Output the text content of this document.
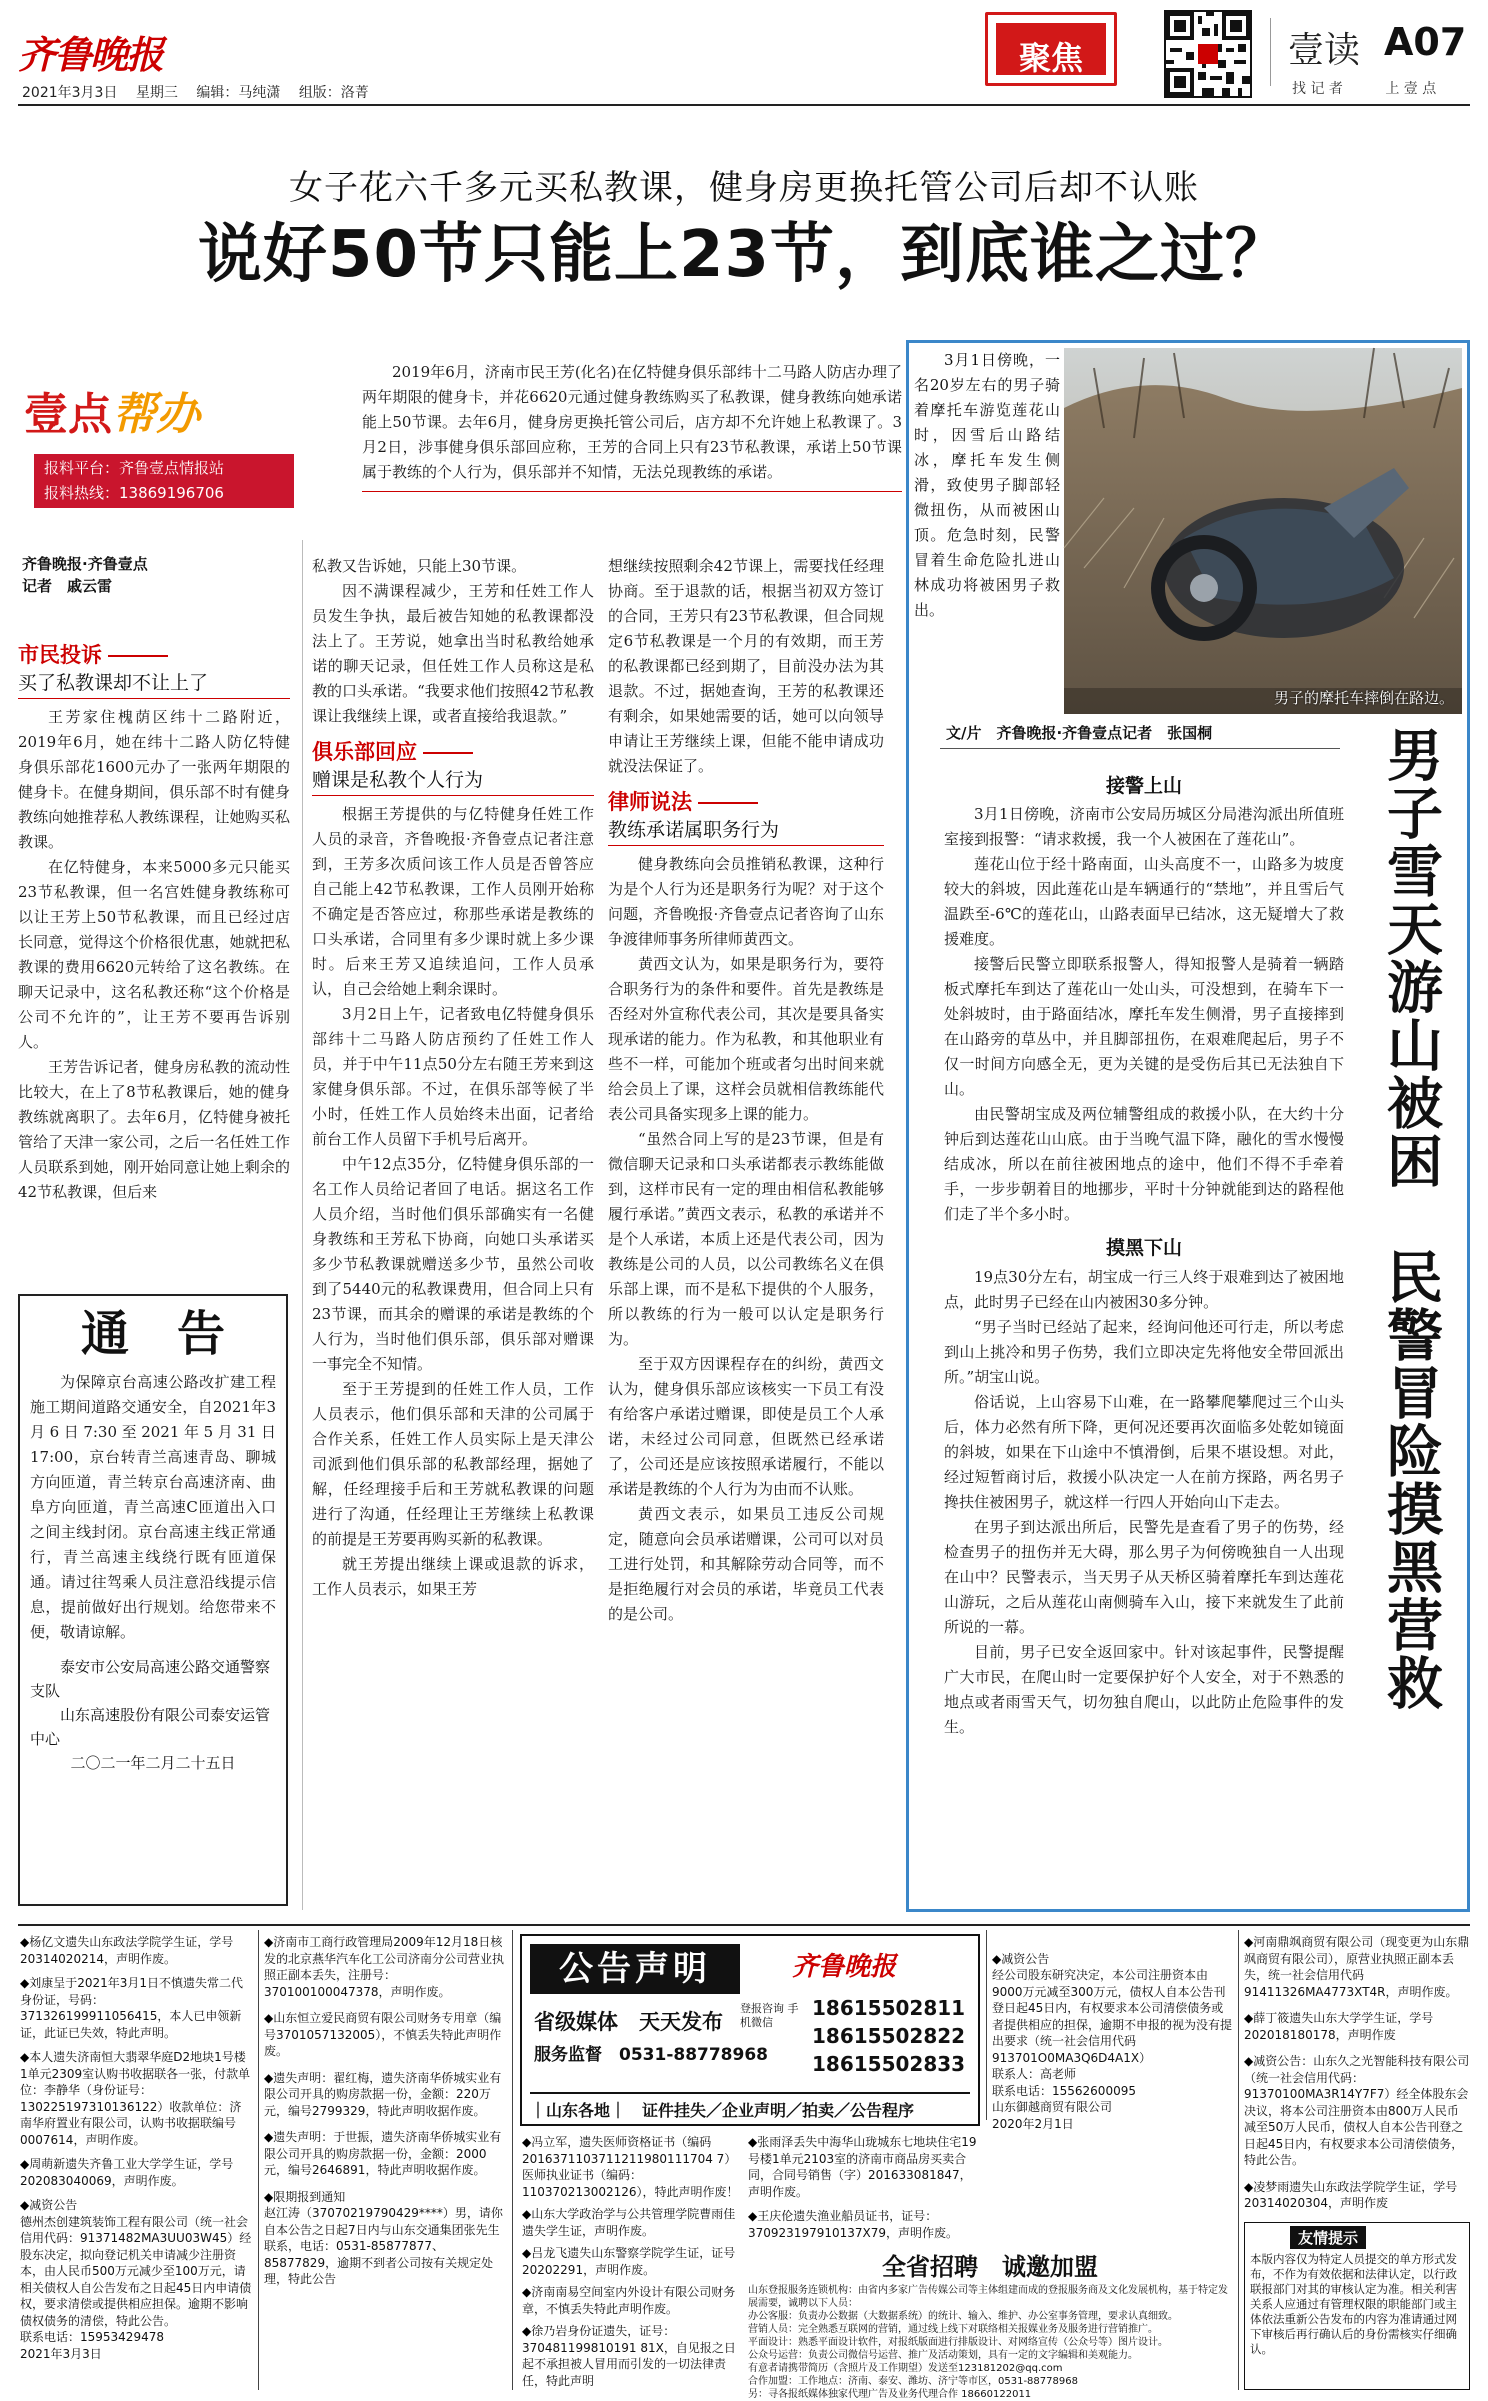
齐鲁晚报
2021年3月3日 星期三 编辑：马纯潇 组版：洛菁
聚焦	壹读 A07
找 记 者	上 壹 点
女子花六千多元买私教课，健身房更换托管公司后却不认账
说好50节只能上23节，到底谁之过？
壹点帮办
报料平台：齐鲁壹点情报站
报料热线：13869196706

2019年6月，济南市民王芳(化名)在亿特健身俱乐部纬十二马路人防店办理了两年期限的健身卡，并花6620元通过健身教练购买了私教课，健身教练向她承诺能上50节课。去年6月，健身房更换托管公司后，店方却不允许她上私教课了。3月2日，涉事健身俱乐部回应称，王芳的合同上只有23节私教课，承诺上50节课属于教练的个人行为，俱乐部并不知情，无法兑现教练的承诺。

齐鲁晚报·齐鲁壹点
记者　戚云雷
市民投诉
买了私教课却不让上了

王芳家住槐荫区纬十二路附近，2019年6月，她在纬十二路人防亿特健身俱乐部花1600元办了一张两年期限的健身卡。在健身期间，俱乐部不时有健身教练向她推荐私人教练课程，让她购买私教课。

在亿特健身，本来5000多元只能买23节私教课，但一名宫姓健身教练称可以让王芳上50节私教课，而且已经过店长同意，觉得这个价格很优惠，她就把私教课的费用6620元转给了这名教练。在聊天记录中，这名私教还称“这个价格是公司不允许的”，让王芳不要再告诉别人。

王芳告诉记者，健身房私教的流动性比较大，在上了8节私教课后，她的健身教练就离职了。去年6月，亿特健身被托管给了天津一家公司，之后一名任姓工作人员联系到她，刚开始同意让她上剩余的42节私教课，但后来

通　告

为保障京台高速公路改扩建工程施工期间道路交通安全，自2021年3月6日7:30至2021年5月31日17:00，京台转青兰高速青岛、聊城方向匝道，青兰转京台高速济南、曲阜方向匝道，青兰高速C匝道出入口之间主线封闭。京台高速主线正常通行，青兰高速主线绕行既有匝道保通。请过往驾乘人员注意沿线提示信息，提前做好出行规划。给您带来不便，敬请谅解。

泰安市公安局高速公路交通警察支队
山东高速股份有限公司泰安运管中心
二〇二一年二月二十五日

私教又告诉她，只能上30节课。

因不满课程减少，王芳和任姓工作人员发生争执，最后被告知她的私教课都没法上了。王芳说，她拿出当时私教给她承诺的聊天记录，但任姓工作人员称这是私教的口头承诺。“我要求他们按照42节私教课让我继续上课，或者直接给我退款。”

俱乐部回应
赠课是私教个人行为

根据王芳提供的与亿特健身任姓工作人员的录音，齐鲁晚报·齐鲁壹点记者注意到，王芳多次质问该工作人员是否曾答应自己能上42节私教课，工作人员刚开始称不确定是否答应过，称那些承诺是教练的口头承诺，合同里有多少课时就上多少课时。后来王芳又追续追问，工作人员承认，自己会给她上剩余课时。

3月2日上午，记者致电亿特健身俱乐部纬十二马路人防店预约了任姓工作人员，并于中午11点50分左右随王芳来到这家健身俱乐部。不过，在俱乐部等候了半小时，任姓工作人员始终未出面，记者给前台工作人员留下手机号后离开。

中午12点35分，亿特健身俱乐部的一名工作人员给记者回了电话。据这名工作人员介绍，当时他们俱乐部确实有一名健身教练和王芳私下协商，向她口头承诺买多少节私教课就赠送多少节，虽然公司收到了5440元的私教课费用，但合同上只有23节课，而其余的赠课的承诺是教练的个人行为，当时他们俱乐部，俱乐部对赠课一事完全不知情。

至于王芳提到的任姓工作人员，工作人员表示，他们俱乐部和天津的公司属于合作关系，任姓工作人员实际上是天津公司派到他们俱乐部的私教部经理，据她了解，任经理接手后和王芳就私教课的问题进行了沟通，任经理让王芳继续上私教课的前提是王芳要再购买新的私教课。

就王芳提出继续上课或退款的诉求，工作人员表示，如果王芳

想继续按照剩余42节课上，需要找任经理协商。至于退款的话，根据当初双方签订的合同，王芳只有23节私教课，但合同规定6节私教课是一个月的有效期，而王芳的私教课都已经到期了，目前没办法为其退款。不过，据她查询，王芳的私教课还有剩余，如果她需要的话，她可以向领导申请让王芳继续上课，但能不能申请成功就没法保证了。

律师说法
教练承诺属职务行为

健身教练向会员推销私教课，这种行为是个人行为还是职务行为呢？对于这个问题，齐鲁晚报·齐鲁壹点记者咨询了山东争渡律师事务所律师黄西文。

黄西文认为，如果是职务行为，要符合职务行为的条件和要件。首先是教练是否经对外宣称代表公司，其次是要具备实现承诺的能力。作为私教，和其他职业有些不一样，可能加个班或者匀出时间来就给会员上了课，这样会员就相信教练能代表公司具备实现多上课的能力。

“虽然合同上写的是23节课，但是有微信聊天记录和口头承诺都表示教练能做到，这样市民有一定的理由相信私教能够履行承诺。”黄西文表示，私教的承诺并不是个人承诺，本质上还是代表公司，因为教练是公司的人员，以公司教练名义在俱乐部上课，而不是私下提供的个人服务，所以教练的行为一般可以认定是职务行为。

至于双方因课程存在的纠纷，黄西文认为，健身俱乐部应该核实一下员工有没有给客户承诺过赠课，即使是员工个人承诺，未经过公司同意，但既然已经承诺了，公司还是应该按照承诺履行，不能以承诺是教练的个人行为为由而不认账。

黄西文表示，如果员工违反公司规定，随意向会员承诺赠课，公司可以对员工进行处罚，和其解除劳动合同等，而不是拒绝履行对会员的承诺，毕竟员工代表的是公司。

3月1日傍晚，一名20岁左右的男子骑着摩托车游览莲花山时，因雪后山路结冰，摩托车发生侧滑，致使男子脚部轻微扭伤，从而被困山顶。危急时刻，民警冒着生命危险扎进山林成功将被困男子救出。

男子的摩托车摔倒在路边。
文/片　齐鲁晚报·齐鲁壹点记者　张国桐	男子雪天游山被困　民警冒险摸黑营救
接警上山

3月1日傍晚，济南市公安局历城区分局港沟派出所值班室接到报警：“请求救援，我一个人被困在了莲花山”。

莲花山位于经十路南面，山头高度不一，山路多为坡度较大的斜坡，因此莲花山是车辆通行的“禁地”，并且雪后气温跌至-6℃的莲花山，山路表面早已结冰，这无疑增大了救援难度。

接警后民警立即联系报警人，得知报警人是骑着一辆踏板式摩托车到达了莲花山一处山头，可没想到，在骑车下一处斜坡时，由于路面结冰，摩托车发生侧滑，男子直接摔到在山路旁的草丛中，并且脚部扭伤，在艰难爬起后，男子不仅一时间方向感全无，更为关键的是受伤后其已无法独自下山。

由民警胡宝成及两位辅警组成的救援小队，在大约十分钟后到达莲花山山底。由于当晚气温下降，融化的雪水慢慢结成冰，所以在前往被困地点的途中，他们不得不手牵着手，一步步朝着目的地挪步，平时十分钟就能到达的路程他们走了半个多小时。

摸黑下山

19点30分左右，胡宝成一行三人终于艰难到达了被困地点，此时男子已经在山内被困30多分钟。

“男子当时已经站了起来，经询问他还可行走，所以考虑到山上挑冷和男子伤势，我们立即决定先将他安全带回派出所。”胡宝山说。

俗话说，上山容易下山难，在一路攀爬攀爬过三个山头后，体力必然有所下降，更何况还要再次面临多处乾如镜面的斜坡，如果在下山途中不慎滑倒，后果不堪设想。对此，经过短暂商讨后，救援小队决定一人在前方探路，两名男子搀扶住被困男子，就这样一行四人开始向山下走去。

在男子到达派出所后，民警先是查看了男子的伤势，经检查男子的扭伤并无大碍，那么男子为何傍晚独自一人出现在山中？民警表示，当天男子从天桥区骑着摩托车到达莲花山游玩，之后从莲花山南侧骑车入山，接下来就发生了此前所说的一幕。

目前，男子已安全返回家中。针对该起事件，民警提醒广大市民，在爬山时一定要保护好个人安全，对于不熟悉的地点或者雨雪天气，切勿独自爬山，以此防止危险事件的发生。

◆杨亿文遗失山东政法学院学生证，学号20314020214，声明作废。
◆刘康呈于2021年3月1日不慎遗失常二代身份证，号码：371326199911056415，本人已申领新证，此证已失效，特此声明。
◆本人遗失济南恒大翡翠华庭D2地块1号楼1单元2309室认购书收据联各一张，付款单位：李静华（身份证号：130225197310136122）收款单位：济南华府置业有限公司，认购书收据联编号0007614，声明作废。
◆周萌新遗失齐鲁工业大学学生证，学号202083040069，声明作废。
◆减资公告
德州杰创建筑装饰工程有限公司（统一社会信用代码：91371482MA3UU03W45）经股东决定，拟向登记机关申请减少注册资本，由人民币500万元减少至100万元，请相关债权人自公告发布之日起45日内申请债权，要求清偿或提供相应担保。逾期不影响债权债务的清偿，特此公告。
联系电话：15953429478
2021年3月3日
◆济南市工商行政管理局2009年12月18日核发的北京燕华汽车化工公司济南分公司营业执照正副本丢失，注册号：370100100047378，声明作废。
◆山东恒立爱民商贸有限公司财务专用章（编号3701057132005），不慎丢失特此声明作废。
◆遗失声明：翟红梅，遗失济南华侨城实业有限公司开具的购房款据一份，金额：220万元，编号2799329，特此声明收据作废。
◆遗失声明：于世振，遗失济南华侨城实业有限公司开具的购房款据一份，金额：2000元，编号2646891，特此声明收据作废。
◆限期报到通知
赵江涛（37070219790429****）男，请你自本公告之日起7日内与山东交通集团张先生联系，电话：0531-85877877、85877829，逾期不到者公司按有关规定处理，特此公告
公告声明	齐鲁晚报
省级媒体　天天发布
登报咨询 手机微信
18615502811
18615502822
18615502833
服务监督　0531-88778968
｜山东各地｜　证件挂失／企业声明／拍卖／公告程序
◆冯立军，遗失医师资格证书（编码2016371103711211980111704 7）医师执业证书（编码：110370213002126），特此声明作废！
◆山东大学政治学与公共管理学院曹雨佳遗失学生证，声明作废。
◆吕龙飞遗失山东警察学院学生证，证号20202291，声明作废。
◆济南南易空间室内外设计有限公司财务章，不慎丢失特此声明作废。
◆徐乃岩身份证遗失，证号：370481199810191 81X，自见报之日起不承担被人冒用而引发的一切法律责任，特此声明

◆减资公告
经公司股东研究决定，本公司注册资本由9000万元减至300万元，债权人自本公告刊登日起45日内，有权要求本公司清偿债务或者提供相应的担保，逾期不申报的视为没有提出要求（统一社会信用代码913701O0MA3Q6D4A1X）
联系人：高老师
联系电话：15562600095
山东御越商贸有限公司
2020年2月1日

◆张雨泽丢失中海华山珑城东七地块住宅19号楼1单元2103室的济南市商品房买卖合同，合同号销售（字）201633081847，声明作废。
◆王庆伦遗失渔业船员证书，证号：370923197910137X79，声明作废。
全省招聘　诚邀加盟
山东登报服务连锁机构：由省内多家广告传媒公司等主体组建而成的登报服务商及文化发展机构，基于特定发展需要，诚聘以下人员：
办公客服：负责办公数据（大数据系统）的统计、输入、维护、办公室事务管理，要求认真细致。
营销人员：完全熟悉互联网的营销，通过线上线下对联络相关报媒业务及服务进行营销推广。
平面设计：熟悉平面设计软件，对报纸版面进行排版设计、对网络宣传（公众号等）图片设计。
公众号运营：负责公司微信号运营、推广及活动策划，具有一定的文字编辑和美观能力。
有意者请携带简历（含照片及工作期望）发送至123181202@qq.com
合作加盟：工作地点：济南、泰安、潍坊、济宁等市区，0531-88778968
另：寻各报纸媒体独家代理广告及业务代理合作 18660122011
◆河南鼎飒商贸有限公司（现变更为山东鼎飒商贸有限公司），原营业执照正副本丢失，统一社会信用代码91411326MA4773XT4R，声明作废。
◆薛丁筱遗失山东大学学生证，学号202018180178，声明作废
◆减资公告：山东久之光智能科技有限公司（统一社会信用代码：91370100MA3R14Y7F7）经全体股东会决议，将本公司注册资本由800万人民币减至50万人民币，债权人自本公告刊登之日起45日内，有权要求本公司清偿债务，特此公告。
◆凌梦雨遗失山东政法学院学生证，学号20314020304，声明作废
友情提示
本版内容仅为特定人员提交的单方形式发布，不作为有效依据和法律认定，以行政联报部门对其的审核认定为准。相关利害关系人应通过有管理权限的职能部门或主体依法重新公告发布的内容为准请通过网下审核后再行确认后的身份需核实仔细确认。
